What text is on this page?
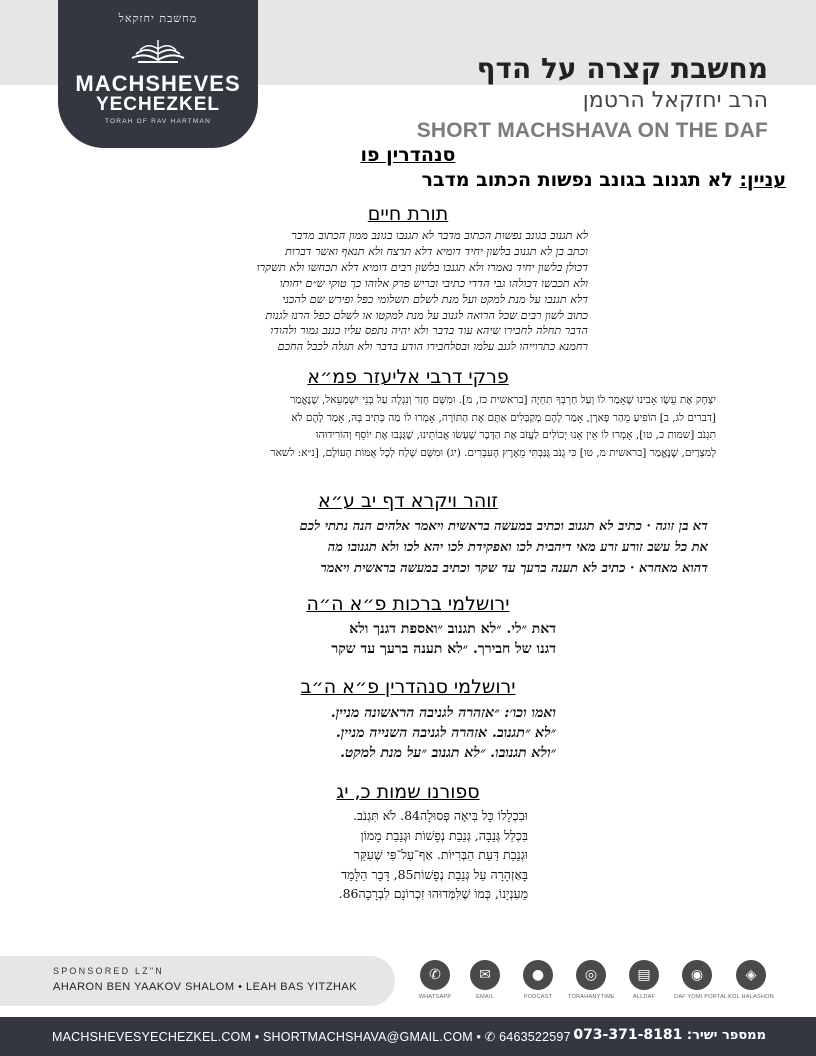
מחשבת יחזקאל
MACHSHEVES
YECHEZKEL
TORAH OF RAV HARTMAN
מחשבת קצרה על הדף
הרב יחזקאל הרטמן
SHORT MACHSHAVA ON THE DAF
סנהדרין פו
עניין: לא תגנוב בגונב נפשות הכתוב מדבר
תורת חיים
לא תגנוב בגונב נפשות הכתוב מדבר לא תגנבו בגונב ממון הכתוב מדבר
וכתב בן לא תגנוב בלשון יחיד דומיא דלא תרצח ולא תנאף ואשר דברות
דכולן בלשון יחיד נאמרו ולא תגנבו בלשון רבים דומיא דלא תכחשו ולא תשקרו
ולא תכבשו דכולהו גבי הדדי כתיבי ובריש פרק אלוהו כך טוקי ש״ם יחותו
דלא תגנבו על מנת למקט ועל מנת לשלם תשלומי כפל ופירש שם להכני
כתוב לשון רבים שכל הרואה לגנוב על מנת למקטו או לשלם כפל הרנו לגנות
הדבר תחלה לחבירו שיהא עוד בדבר ולא יהיה נתפס עליו כגנב גמור ולהודו
רחמנא כתרוייהו לגנב עלמו ובסלחבירו הודע בדבר ולא תגלה לכבל החכם
פרקי דרבי אליעזר פמ״א
יִצְחָק אֶת עֵשָׂו אָבִינוּ שֶׁאָמַר לוֹ וְעַל חַרְבְּךָ תִחְיֶה [בראשית כז, מ]. וּמִשָּׁם חָזַר וְנִגְלָה עַל בְּנֵי יִשְׁמָעֵאל, שֶׁנֶּאֱמַר
[דברים לג, ב] הוֹפִיעַ מֵהַר פָּארָן, אָמַר לָהֶם מְקַבְּלִים אַתֶּם אֶת הַתּוֹרָה, אָמְרוּ לוֹ מַה כְּתִיב בָּהּ, אָמַר לָהֶם לֹא
תִגְנֹב [שמות כ, טו], אָמְרוּ לוֹ אֵין אָנוּ יְכוֹלִים לַעֲזֹב אֶת הַדָּבָר שֶׁעָשׂוּ אֲבוֹתֵינוּ, שֶׁגָּנְבוּ אֶת יוֹסֵף וְהוֹרִידוּהוּ
לְמִצְרַיִם, שֶׁנֶּאֱמַר [בראשית מ, טו] כִּי גֻנֹּב גֻּנַּבְתִּי מֵאֶרֶץ הָעִבְרִים. (יג) וּמִשָּׁם שָׁלַח לְכָל אֻמּוֹת הָעוֹלָם, [נ״א: לשאר
זוהר ויקרא דף יב ע״א
דא בן זוגה · כתיב לא תגנוב וכתיב במעשה בראשית ויאמר אלהים הנה נתתי לכם
את כל עשב זורע זרע מאי דיהבית לכו ואפקידת לכו יהא לכו ולא תגנובו מה
דהוא מאחרא · כתיב לא תענה ברעך עד שקר וכתיב במעשה בראשית ויאמר
ירושלמי ברכות פ״א ה״ה
דאת ״לי. ״לא תגנוב ״ואספת דגנך ולא
דגנו של חבירך. ״לא תענה ברעך עד שקר
ירושלמי סנהדרין פ״א ה״ב
ואמו וכו׳: ״אזהרה לגניבה הראשונה מניין.
״לא ״תגנוב. אזהרה לגניבה השנייה מניין.
״ולא תגנובו. ״לא תגנוב ״על מנת למקט.
ספורנו שמות כ, יג
וּבִכְלָלוֹ כָּל בִּיאָה פְּסוּלָה84. לֹא תִּגְנֹב.
בִּכְלַל גְּנֵבָה, גְּנֵבַת נְפָשׁוֹת וּגְנֵבַת מָמוֹן
וּגְנֵבַת דַּעַת הַבְּרִיּוֹת. אַף־עַל־פִּי שֶׁעִקַּר
בָּאַזְהָרָה עַל גְּנֵבַת נְפָשׁוֹת85, דָּבָר הַלָּמֵד
מֵעִנְיָנוֹ, כְּמוֹ שֶׁלִּמְּדוּהוּ זִכְרוֹנָם לִבְרָכָה86.
SPONSORED LZ"N
AHARON BEN YAAKOV SHALOM • LEAH BAS YITZHAK
✆
WHATSAPP
✉
EMAIL
●
PODCAST
◎
TORAHANYTIME
▤
ALLDAF
◉
DAF YOMI PORTAL
◈
KOL HALASHON
MACHSHEVESYECHEZKEL.COM • SHORTMACHSHAVA@GMAIL.COM • ✆ 6463522597 •	ממספר ישיר: 073-371-8181
